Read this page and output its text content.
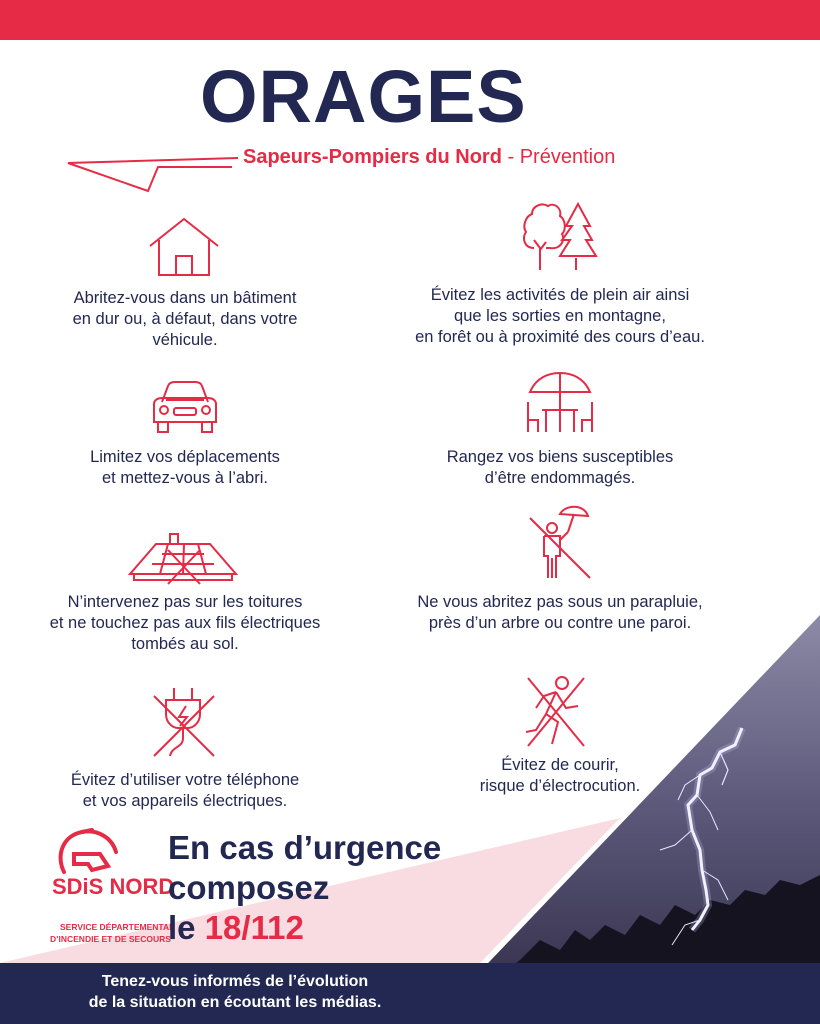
ORAGES
Sapeurs-Pompiers du Nord - Prévention
Abritez-vous dans un bâtiment
en dur ou, à défaut, dans votre
véhicule.
Évitez les activités de plein air ainsi
que les sorties en montagne,
en forêt ou à proximité des cours d’eau.
Limitez vos déplacements
et mettez-vous à l’abri.
Rangez vos biens susceptibles
d’être endommagés.
N’intervenez pas sur les toitures
et ne touchez pas aux fils électriques
tombés au sol.
Ne vous abritez pas sous un parapluie,
près d’un arbre ou contre une paroi.
Évitez d’utiliser votre téléphone
et vos appareils électriques.
Évitez de courir,
risque d’électrocution.
SDiS NORD
SERVICE DÉPARTEMENTAL
D’INCENDIE ET DE SECOURS
En cas d’urgence
composez
le 18/112
Tenez-vous informés de l’évolution
de la situation en écoutant les médias.
